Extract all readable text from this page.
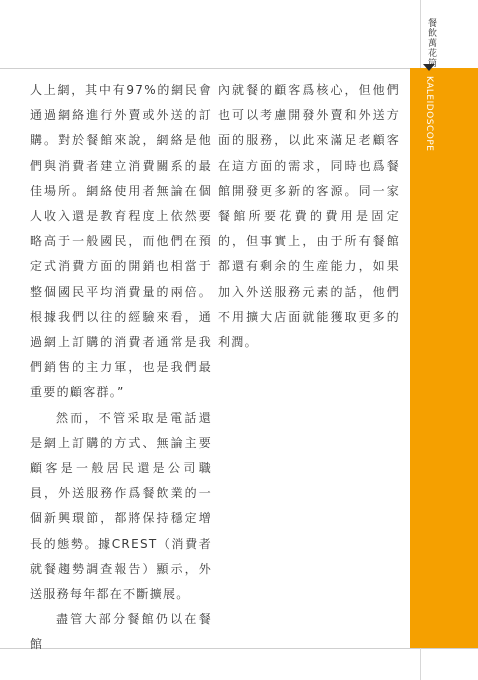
餐飲萬花筒
KALEIDOSCOPE

人上網，其中有97%的網民會通過網絡進行外賣或外送的訂購。對於餐館來說，網絡是他們與消費者建立消費關系的最佳場所。網絡使用者無論在個人收入還是教育程度上依然要略高于一般國民，而他們在預定式消費方面的開銷也相當于整個國民平均消費量的兩倍。根據我們以往的經驗來看，通過網上訂購的消費者通常是我們銷售的主力軍，也是我們最重要的顧客群。”

然而，不管采取是電話還是網上訂購的方式、無論主要顧客是一般居民還是公司職員，外送服務作爲餐飲業的一個新興環節，都將保持穩定增長的態勢。據CREST（消費者就餐趨勢調查報告）顯示，外送服務每年都在不斷擴展。

盡管大部分餐館仍以在餐館

內就餐的顧客爲核心，但他們也可以考慮開發外賣和外送方面的服務，以此來滿足老顧客在這方面的需求，同時也爲餐館開發更多新的客源。同一家餐館所要花費的費用是固定的，但事實上，由于所有餐館都還有剩余的生産能力，如果加入外送服務元素的話，他們不用擴大店面就能獲取更多的利潤。
